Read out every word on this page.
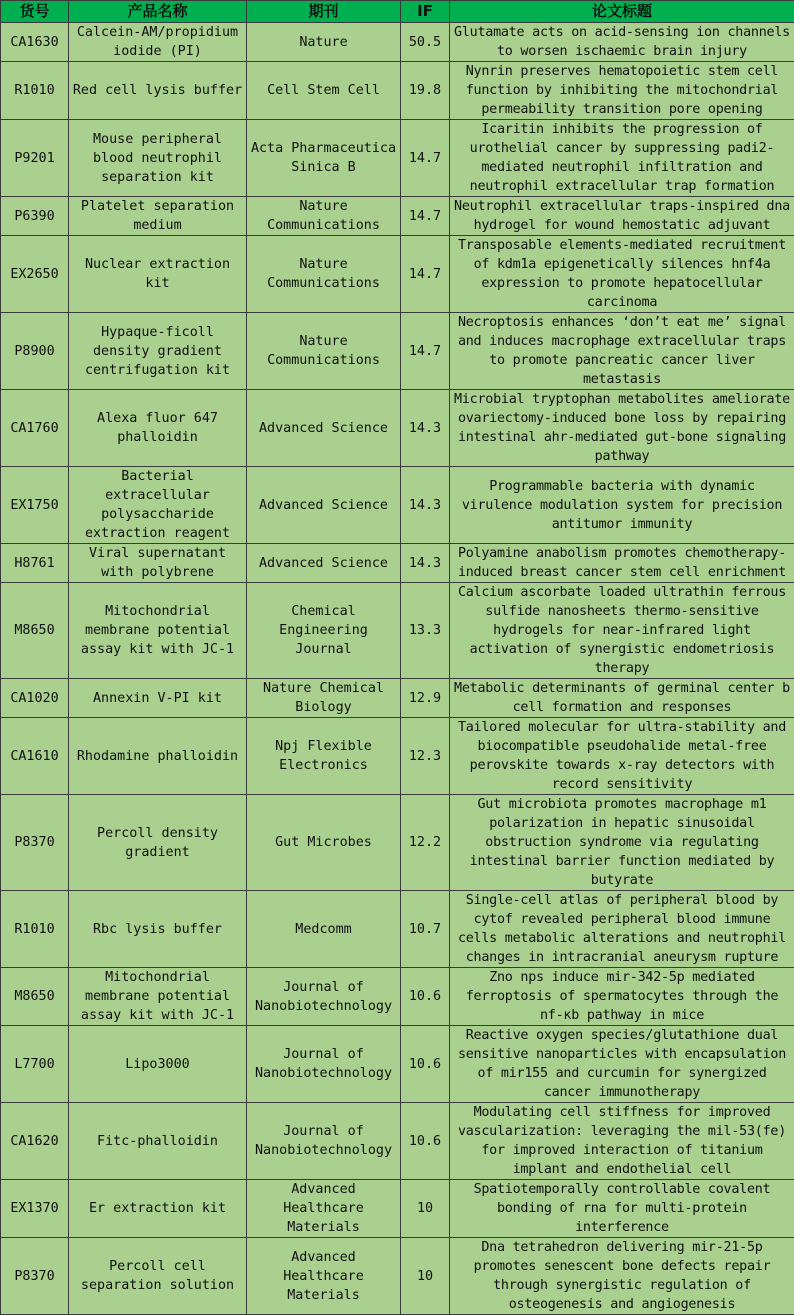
货号	产品名称	期刊	IF	论文标题
CA1630	Calcein-AM/propidium iodide (PI)	Nature	50.5	Glutamate acts on acid-sensing ion channels to worsen ischaemic brain injury
R1010	Red cell lysis buffer	Cell Stem Cell	19.8	Nynrin preserves hematopoietic stem cell function by inhibiting the mitochondrial permeability transition pore opening
P9201	Mouse peripheral blood neutrophil separation kit	Acta Pharmaceutica Sinica B	14.7	Icaritin inhibits the progression of urothelial cancer by suppressing padi2-mediated neutrophil infiltration and neutrophil extracellular trap formation
P6390	Platelet separation medium	Nature Communications	14.7	Neutrophil extracellular traps-inspired dna hydrogel for wound hemostatic adjuvant
EX2650	Nuclear extraction kit	Nature Communications	14.7	Transposable elements-mediated recruitment of kdm1a epigenetically silences hnf4a expression to promote hepatocellular carcinoma
P8900	Hypaque-ficoll density gradient centrifugation kit	Nature Communications	14.7	Necroptosis enhances ‘don’t eat me’ signal and induces macrophage extracellular traps to promote pancreatic cancer liver metastasis
CA1760	Alexa fluor 647 phalloidin	Advanced Science	14.3	Microbial tryptophan metabolites ameliorate ovariectomy-induced bone loss by repairing intestinal ahr-mediated gut-bone signaling pathway
EX1750	Bacterial extracellular polysaccharide extraction reagent	Advanced Science	14.3	Programmable bacteria with dynamic virulence modulation system for precision antitumor immunity
H8761	Viral supernatant with polybrene	Advanced Science	14.3	Polyamine anabolism promotes chemotherapy-induced breast cancer stem cell enrichment
M8650	Mitochondrial membrane potential assay kit with JC-1	Chemical Engineering Journal	13.3	Calcium ascorbate loaded ultrathin ferrous sulfide nanosheets thermo-sensitive hydrogels for near-infrared light activation of synergistic endometriosis therapy
CA1020	Annexin V-PI kit	Nature Chemical Biology	12.9	Metabolic determinants of germinal center b cell formation and responses
CA1610	Rhodamine phalloidin	Npj Flexible Electronics	12.3	Tailored molecular for ultra-stability and biocompatible pseudohalide metal-free perovskite towards x-ray detectors with record sensitivity
P8370	Percoll density gradient	Gut Microbes	12.2	Gut microbiota promotes macrophage m1 polarization in hepatic sinusoidal obstruction syndrome via regulating intestinal barrier function mediated by butyrate
R1010	Rbc lysis buffer	Medcomm	10.7	Single-cell atlas of peripheral blood by cytof revealed peripheral blood immune cells metabolic alterations and neutrophil changes in intracranial aneurysm rupture
M8650	Mitochondrial membrane potential assay kit with JC-1	Journal of Nanobiotechnology	10.6	Zno nps induce mir-342-5p mediated ferroptosis of spermatocytes through the nf-κb pathway in mice
L7700	Lipo3000	Journal of Nanobiotechnology	10.6	Reactive oxygen species/glutathione dual sensitive nanoparticles with encapsulation of mir155 and curcumin for synergized cancer immunotherapy
CA1620	Fitc-phalloidin	Journal of Nanobiotechnology	10.6	Modulating cell stiffness for improved vascularization: leveraging the mil-53(fe) for improved interaction of titanium implant and endothelial cell
EX1370	Er extraction kit	Advanced Healthcare Materials	10	Spatiotemporally controllable covalent bonding of rna for multi-protein interference
P8370	Percoll cell separation solution	Advanced Healthcare Materials	10	Dna tetrahedron delivering mir-21-5p promotes senescent bone defects repair through synergistic regulation of osteogenesis and angiogenesis
